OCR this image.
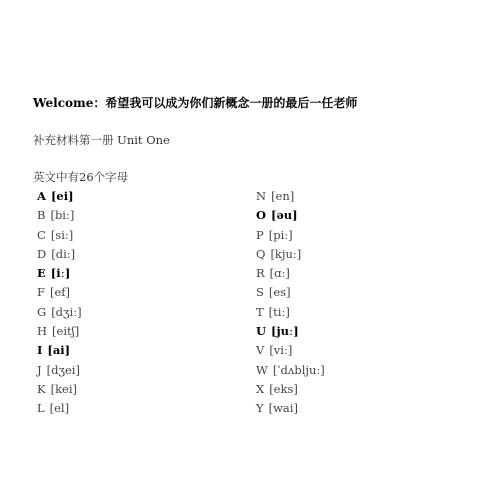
Welcome：希望我可以成为你们新概念一册的最后一任老师
补充材料第一册 Unit One
英文中有26个字母
A [ei]
B [biː]
C [siː]
D [diː]
E [iː]
F [ef]
G [dʒiː]
H [eitʃ]
I [ai]
J [dʒei]
K [kei]
L [el]
N [en]
O [əu]
P [piː]
Q [kjuː]
R [ɑː]
S [es]
T [tiː]
U [juː]
V [viː]
W [ˈdʌbljuː]
X [eks]
Y [wai]
